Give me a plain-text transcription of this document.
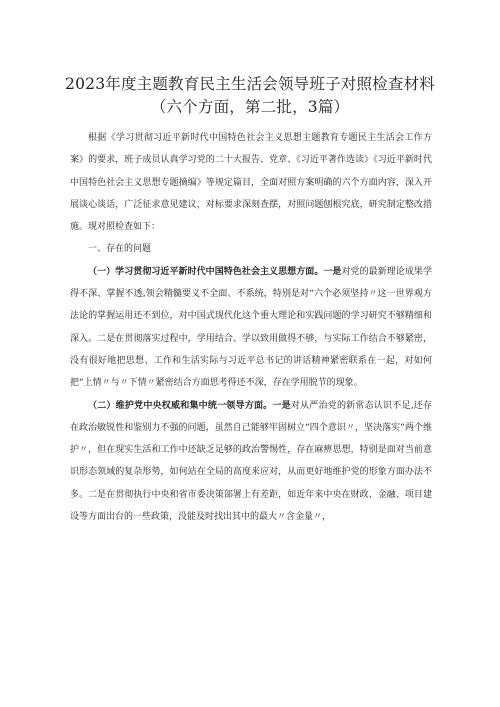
2023年度主题教育民主生活会领导班子对照检查材料
（六个方面，第二批，3篇）

根据《学习贯彻习近平新时代中国特色社会主义思想主题教育专题民主生活会工作方案》的要求，班子成员认真学习党的二十大报告、党章、《习近平著作选读》《习近平新时代中国特色社会主义思想专题摘编》等规定篇目，全面对照方案明确的六个方面内容，深入开展谈心谈话，广泛征求意见建议，对标要求深刻查摆，对照问题刨根究底，研究制定整改措施。现对照检查如下：

一、存在的问题

（一）学习贯彻习近平新时代中国特色社会主义思想方面。一是对党的最新理论成果学得不深、掌握不透,领会精髓要义不全面、不系统，特别是对“六个必须坚持〃这一世界观方法论的掌握运用还不到位，对中国式现代化这个重大理论和实践问题的学习研究不够精细和深入。二是在贯彻落实过程中，学用结合、学以致用做得不够，与实际工作结合不够紧密，没有很好地把思想、工作和生活实际与习近平总书记的讲话精神紧密联系在一起，对如何把“上情〃与〃下情〃紧密结合方面思考得还不深，存在学用脱节的现象。

（二）维护党中央权威和集中统一领导方面。一是对从严治党的新常态认识不足,还存在政治敏锐性和鉴别力不强的问题，虽然自己能够牢固树立“四个意识〃，坚决落实“两个维护〃，但在现实生活和工作中还缺乏足够的政治警惕性，存在麻痹思想，特别是面对当前意识形态领域的复杂形势，如何站在全局的高度来应对，从而更好地维护党的形象方面办法不多。二是在贯彻执行中央和省市委决策部署上有差距，如近年来中央在财政、金融、项目建设等方面出台的一些政策，没能及时找出其中的最大〃含金量〃，
